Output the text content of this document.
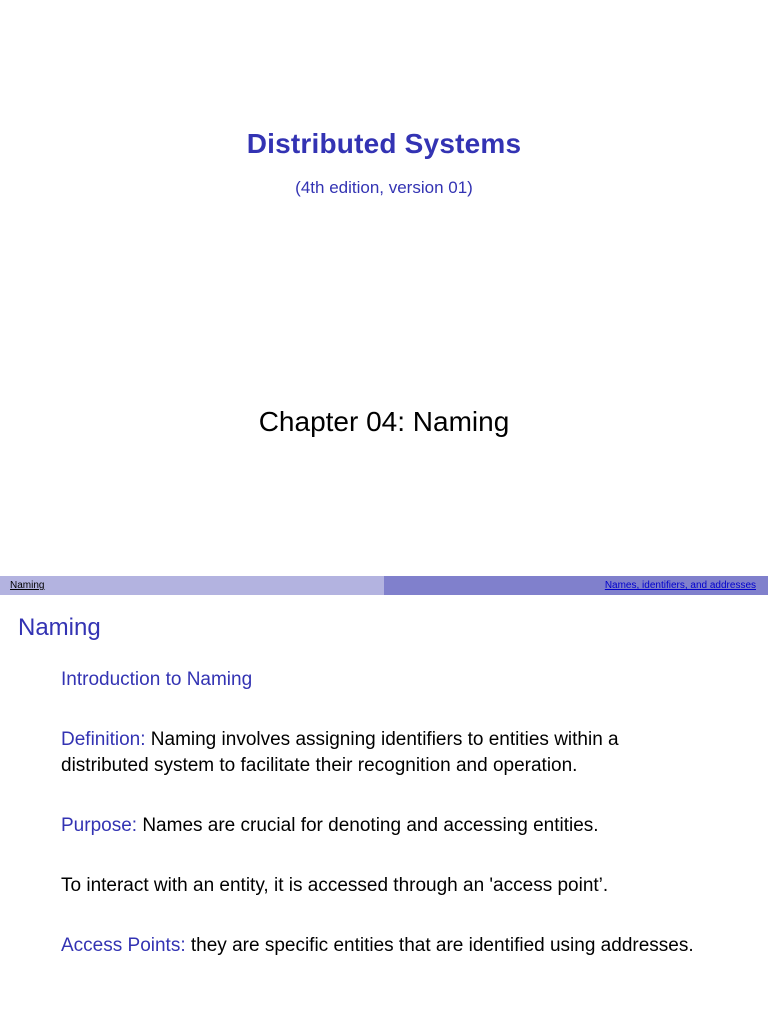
Distributed Systems
(4th edition, version 01)
Chapter 04: Naming
Naming	Names, identifiers, and addresses
Naming

Introduction to Naming

Definition: Naming involves assigning identifiers to entities within a distributed system to facilitate their recognition and operation.

Purpose: Names are crucial for denoting and accessing entities.

To interact with an entity, it is accessed through an 'access point’.

Access Points: they are specific entities that are identified using addresses.
